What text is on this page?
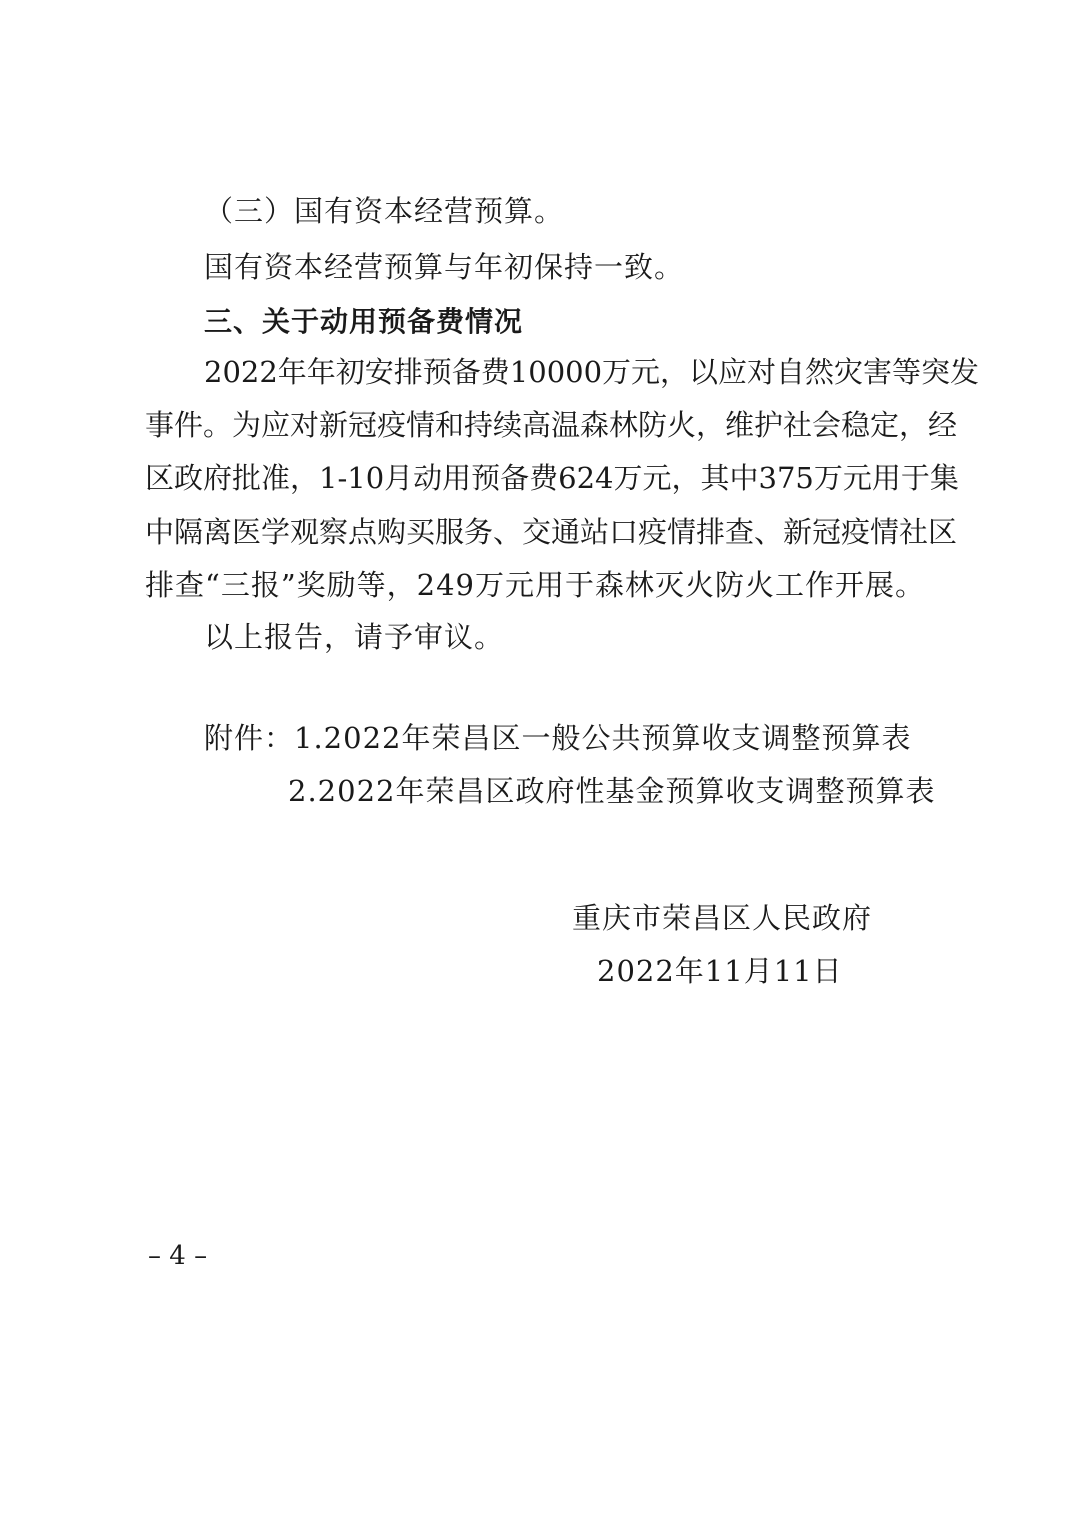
（三）国有资本经营预算。
国有资本经营预算与年初保持一致。
三、关于动用预备费情况
2022年年初安排预备费10000万元，以应对自然灾害等突发
事件。为应对新冠疫情和持续高温森林防火，维护社会稳定，经
区政府批准，1-10月动用预备费624万元，其中375万元用于集
中隔离医学观察点购买服务、交通站口疫情排查、新冠疫情社区
排查“三报”奖励等，249万元用于森林灭火防火工作开展。
以上报告，请予审议。
附件：1.2022年荣昌区一般公共预算收支调整预算表
2.2022年荣昌区政府性基金预算收支调整预算表
重庆市荣昌区人民政府
2022年11月11日
– 4 –
